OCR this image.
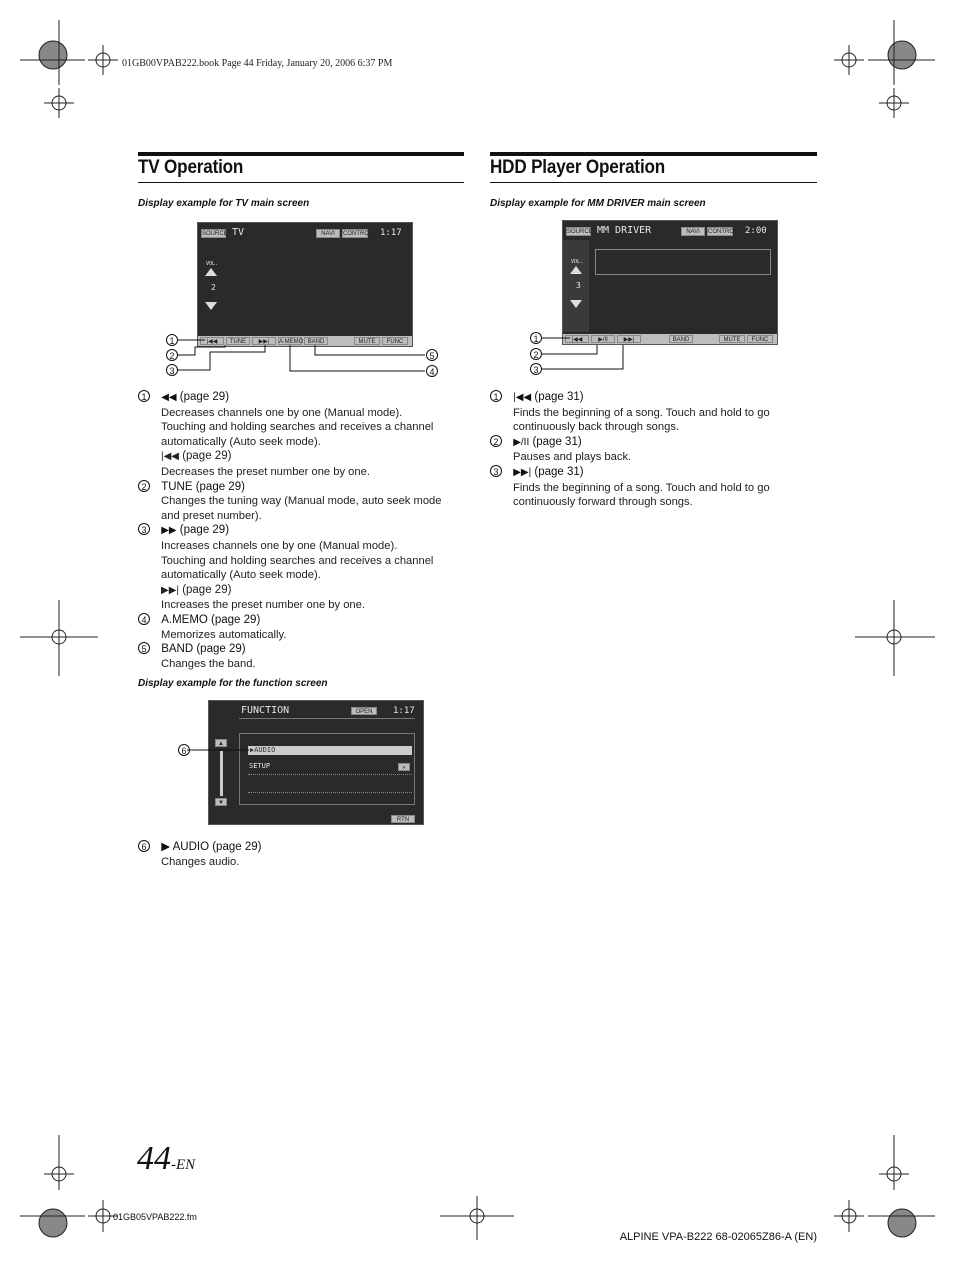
01GB00VPAB222.book Page 44 Friday, January 20, 2006 6:37 PM
TV Operation
Display example for TV main screen
SOURCE TV	NAVI	CONTROL 1:17
VOL.
2
|◀◀	TUNE	▶▶|	A.MEMO BAND	MUTE	FUNC
1
2
3
5
4
1 ◀◀ (page 29)
Decreases channels one by one (Manual mode).
Touching and holding searches and receives a channel
automatically (Auto seek mode).
|◀◀ (page 29)
Decreases the preset number one by one.
2 TUNE (page 29)
Changes the tuning way (Manual mode, auto seek mode
and preset number).
3 ▶▶ (page 29)
Increases channels one by one (Manual mode).
Touching and holding searches and receives a channel
automatically (Auto seek mode).
▶▶| (page 29)
Increases the preset number one by one.
4 A.MEMO (page 29)
Memorizes automatically.
5 BAND (page 29)
Changes the band.
Display example for the function screen
FUNCTION	OPEN	1:17
▲
▼
▶AUDIO
SETUP	»
RTN
6
6 ▶ AUDIO (page 29)
Changes audio.
HDD Player Operation
Display example for MM DRIVER main screen
SOURCE MM DRIVER	NAVI	CONTROL 2:00
VOL.
3
|◀◀	▶/II	▶▶|	BAND	MUTE	FUNC
1
2
3
1 |◀◀ (page 31)
Finds the beginning of a song. Touch and hold to go
continuously back through songs.
2 ▶/II (page 31)
Pauses and plays back.
3 ▶▶| (page 31)
Finds the beginning of a song. Touch and hold to go
continuously forward through songs.
44-EN
01GB05VPAB222.fm
ALPINE VPA-B222 68-02065Z86-A (EN)
